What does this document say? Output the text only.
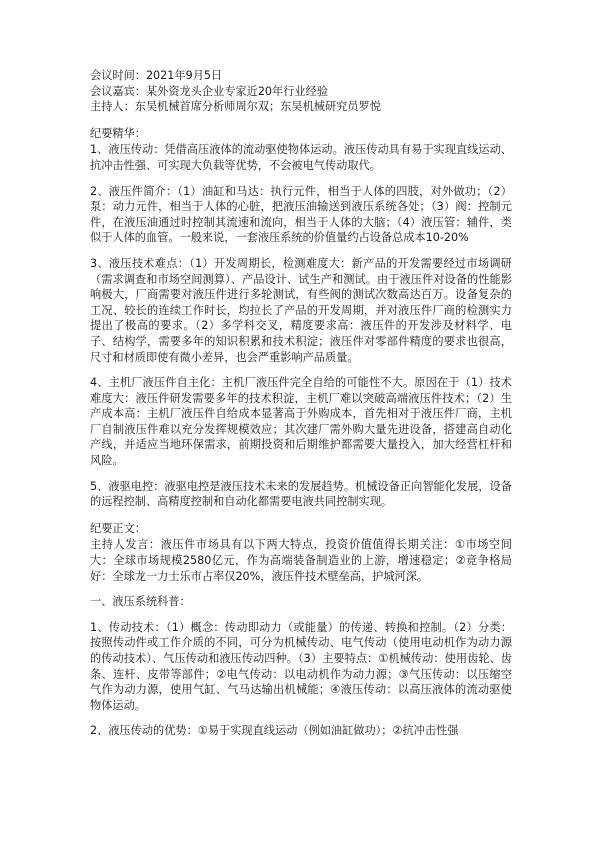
会议时间：2021年9月5日

会议嘉宾：某外资龙头企业专家近20年行业经验

主持人：东吴机械首席分析师周尔双；东吴机械研究员罗悦

纪要精华：

1、液压传动：凭借高压液体的流动驱使物体运动。液压传动具有易于实现直线运动、抗冲击性强、可实现大负载等优势，不会被电气传动取代。

2、液压件简介：（1）油缸和马达：执行元件，相当于人体的四肢，对外做功；（2）泵：动力元件，相当于人体的心脏，把液压油输送到液压系统各处；（3）阀：控制元件，在液压油通过时控制其流速和流向，相当于人体的大脑；（4）液压管：辅件，类似于人体的血管。一般来说，一套液压系统的价值量约占设备总成本10-20%

3、液压技术难点：（1）开发周期长，检测难度大：新产品的开发需要经过市场调研（需求调查和市场空间测算）、产品设计、试生产和测试。由于液压件对设备的性能影响极大，厂商需要对液压件进行多轮测试，有些阀的测试次数高达百万。设备复杂的工况、较长的连续工作时长，均拉长了产品的开发周期，并对液压件厂商的检测实力提出了极高的要求。（2）多学科交叉，精度要求高：液压件的开发涉及材料学、电子、结构学，需要多年的知识积累和技术积淀；液压件对零部件精度的要求也很高，尺寸和材质即使有微小差异，也会严重影响产品质量。

4、主机厂液压件自主化：主机厂液压件完全自给的可能性不大。原因在于（1）技术难度大：液压件研发需要多年的技术积淀，主机厂难以突破高端液压件技术；（2）生产成本高：主机厂液压件自给成本显著高于外购成本，首先相对于液压件厂商，主机厂自制液压件难以充分发挥规模效应；其次建厂需外购大量先进设备，搭建高自动化产线，并适应当地环保需求，前期投资和后期维护都需要大量投入，加大经营杠杆和风险。

5、液驱电控：液驱电控是液压技术未来的发展趋势。机械设备正向智能化发展，设备的远程控制、高精度控制和自动化都需要电液共同控制实现。

纪要正文：

主持人发言：液压件市场具有以下两大特点，投资价值值得长期关注：①市场空间大：全球市场规模2580亿元，作为高端装备制造业的上游，增速稳定；②竞争格局好：全球龙一力士乐市占率仅20%，液压件技术壁垒高，护城河深。

一、液压系统科普：

1、传动技术：（1）概念：传动即动力（或能量）的传递、转换和控制。（2）分类：按照传动件或工作介质的不同，可分为机械传动、电气传动（使用电动机作为动力源的传动技术）、气压传动和液压传动四种。（3）主要特点：①机械传动：使用齿轮、齿条、连杆、皮带等部件；②电气传动：以电动机作为动力源；③气压传动：以压缩空气作为动力源，使用气缸、气马达输出机械能；④液压传动：以高压液体的流动驱使物体运动。

2、液压传动的优势：①易于实现直线运动（例如油缸做功）；②抗冲击性强
